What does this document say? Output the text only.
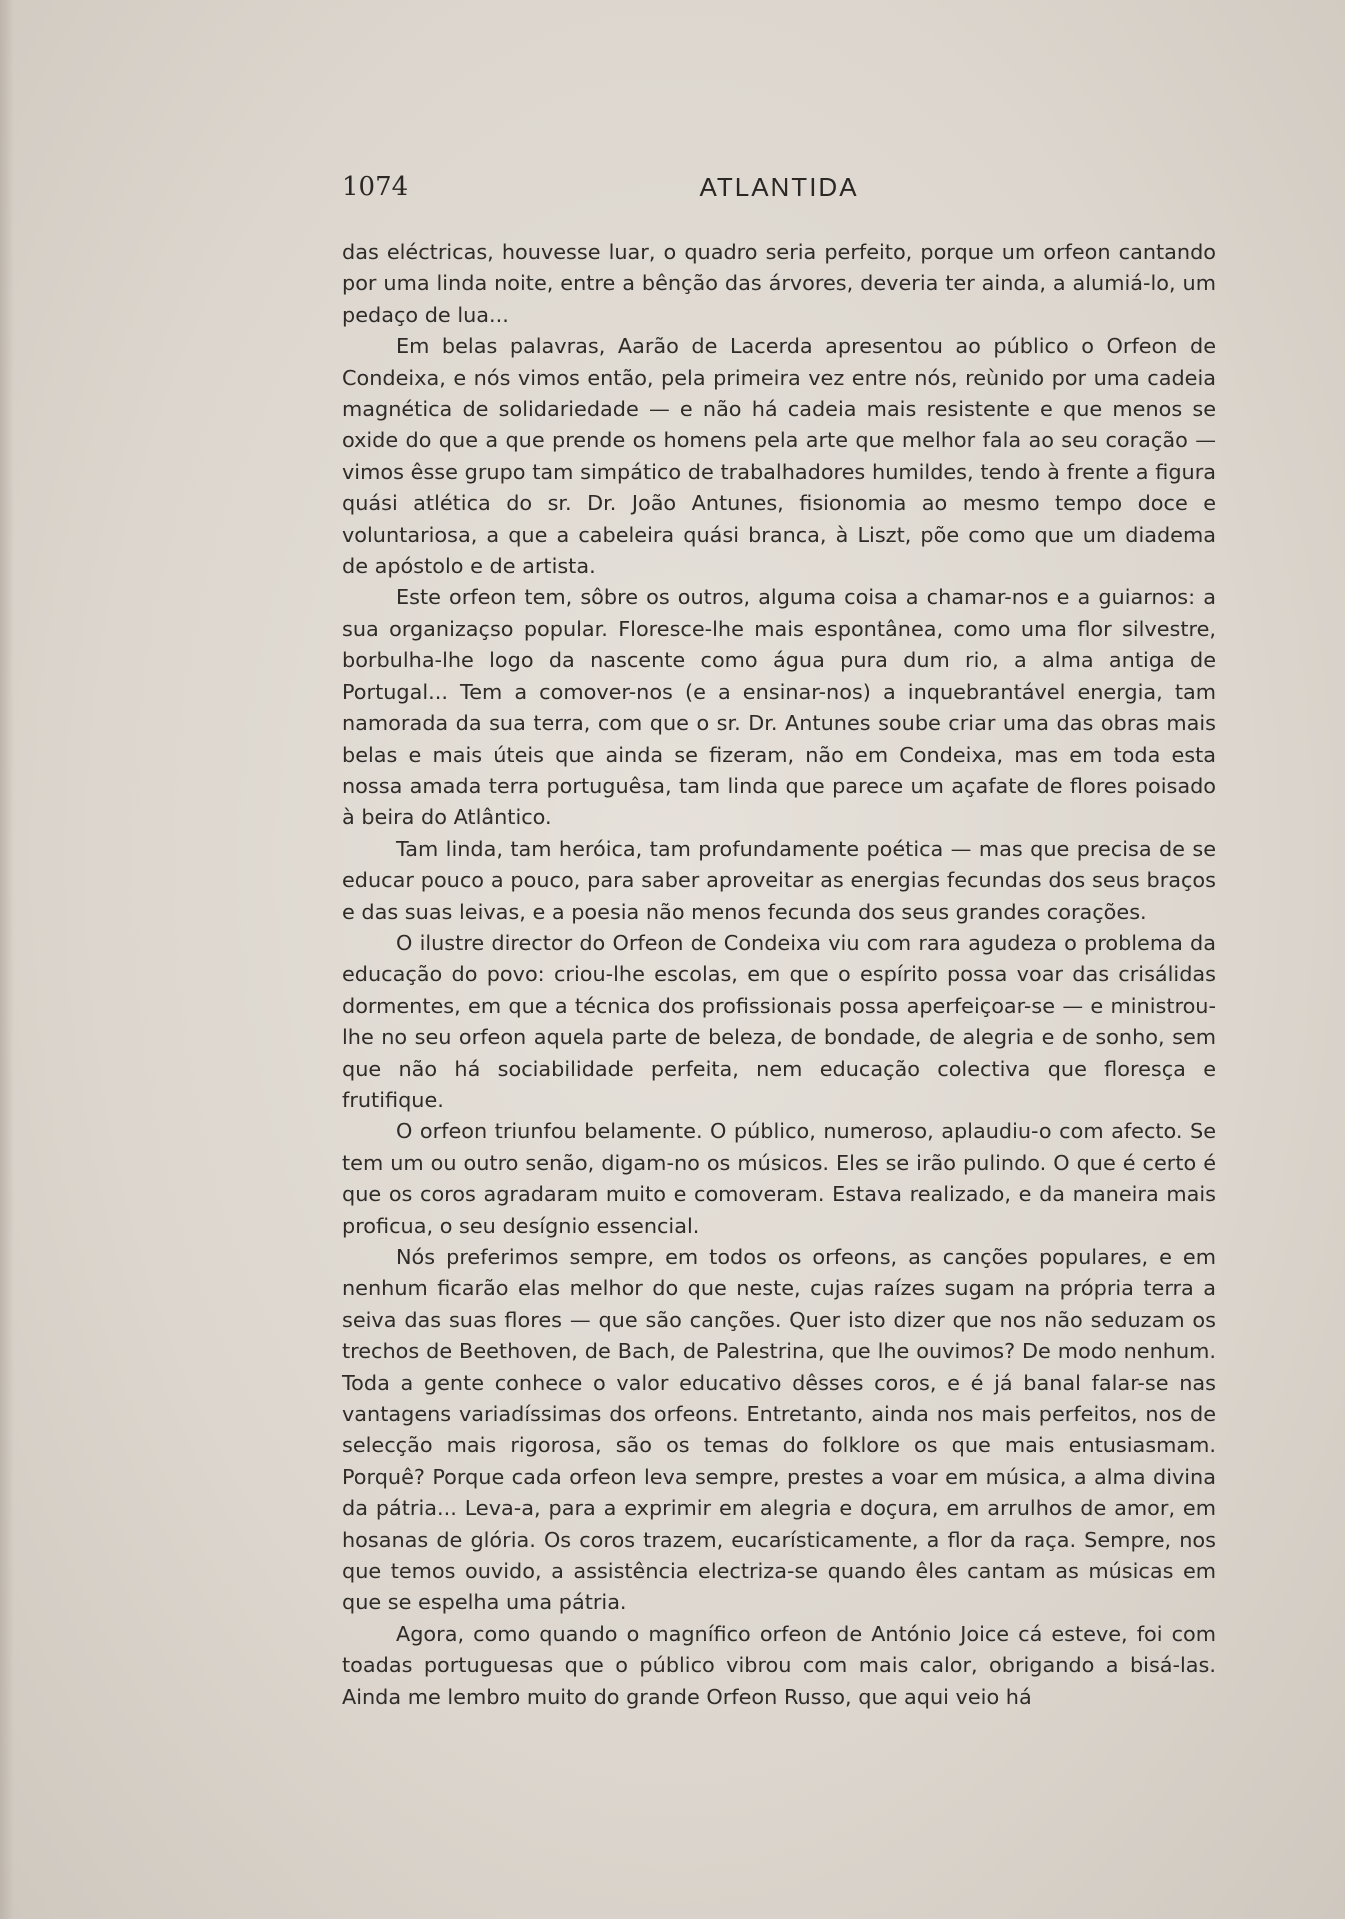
1074	ATLANTIDA

das eléctricas, houvesse luar, o quadro seria perfeito, porque um orfeon cantando por uma linda noite, entre a bênção das árvores, deveria ter ainda, a alumiá-lo, um pedaço de lua...

Em belas palavras, Aarão de Lacerda apresentou ao público o Orfeon de Condeixa, e nós vimos então, pela primeira vez entre nós, reùnido por uma cadeia magnética de solidariedade — e não há cadeia mais resistente e que menos se oxide do que a que prende os homens pela arte que melhor fala ao seu coração — vimos êsse grupo tam simpático de trabalhadores humildes, tendo à frente a figura quási atlética do sr. Dr. João Antunes, fisionomia ao mesmo tempo doce e voluntariosa, a que a cabeleira quási branca, à Liszt, põe como que um diadema de apóstolo e de artista.

Este orfeon tem, sôbre os outros, alguma coisa a chamar-nos e a guiarnos: a sua organizaçso popular. Floresce-lhe mais espontânea, como uma flor silvestre, borbulha-lhe logo da nascente como água pura dum rio, a alma antiga de Portugal... Tem a comover-nos (e a ensinar-nos) a inquebrantável energia, tam namorada da sua terra, com que o sr. Dr. Antunes soube criar uma das obras mais belas e mais úteis que ainda se fizeram, não em Condeixa, mas em toda esta nossa amada terra portuguêsa, tam linda que parece um açafate de flores poisado à beira do Atlântico.

Tam linda, tam heróica, tam profundamente poética — mas que precisa de se educar pouco a pouco, para saber aproveitar as energias fecundas dos seus braços e das suas leivas, e a poesia não menos fecunda dos seus grandes corações.

O ilustre director do Orfeon de Condeixa viu com rara agudeza o problema da educação do povo: criou-lhe escolas, em que o espírito possa voar das crisálidas dormentes, em que a técnica dos profissionais possa aperfeiçoar-se — e ministrou-lhe no seu orfeon aquela parte de beleza, de bondade, de alegria e de sonho, sem que não há sociabilidade perfeita, nem educação colectiva que floresça e frutifique.

O orfeon triunfou belamente. O público, numeroso, aplaudiu-o com afecto. Se tem um ou outro senão, digam-no os músicos. Eles se irão pulindo. O que é certo é que os coros agradaram muito e comoveram. Estava realizado, e da maneira mais proficua, o seu desígnio essencial.

Nós preferimos sempre, em todos os orfeons, as canções populares, e em nenhum ficarão elas melhor do que neste, cujas raízes sugam na própria terra a seiva das suas flores — que são canções. Quer isto dizer que nos não seduzam os trechos de Beethoven, de Bach, de Palestrina, que lhe ouvimos? De modo nenhum. Toda a gente conhece o valor educativo dêsses coros, e é já banal falar-se nas vantagens variadíssimas dos orfeons. Entretanto, ainda nos mais perfeitos, nos de selecção mais rigorosa, são os temas do folklore os que mais entusiasmam. Porquê? Porque cada orfeon leva sempre, prestes a voar em música, a alma divina da pátria... Leva-a, para a exprimir em alegria e doçura, em arrulhos de amor, em hosanas de glória. Os coros trazem, eucarísticamente, a flor da raça. Sempre, nos que temos ouvido, a assistência electriza-se quando êles cantam as músicas em que se espelha uma pátria.

Agora, como quando o magnífico orfeon de António Joice cá esteve, foi com toadas portuguesas que o público vibrou com mais calor, obrigando a bisá-las. Ainda me lembro muito do grande Orfeon Russo, que aqui veio há
